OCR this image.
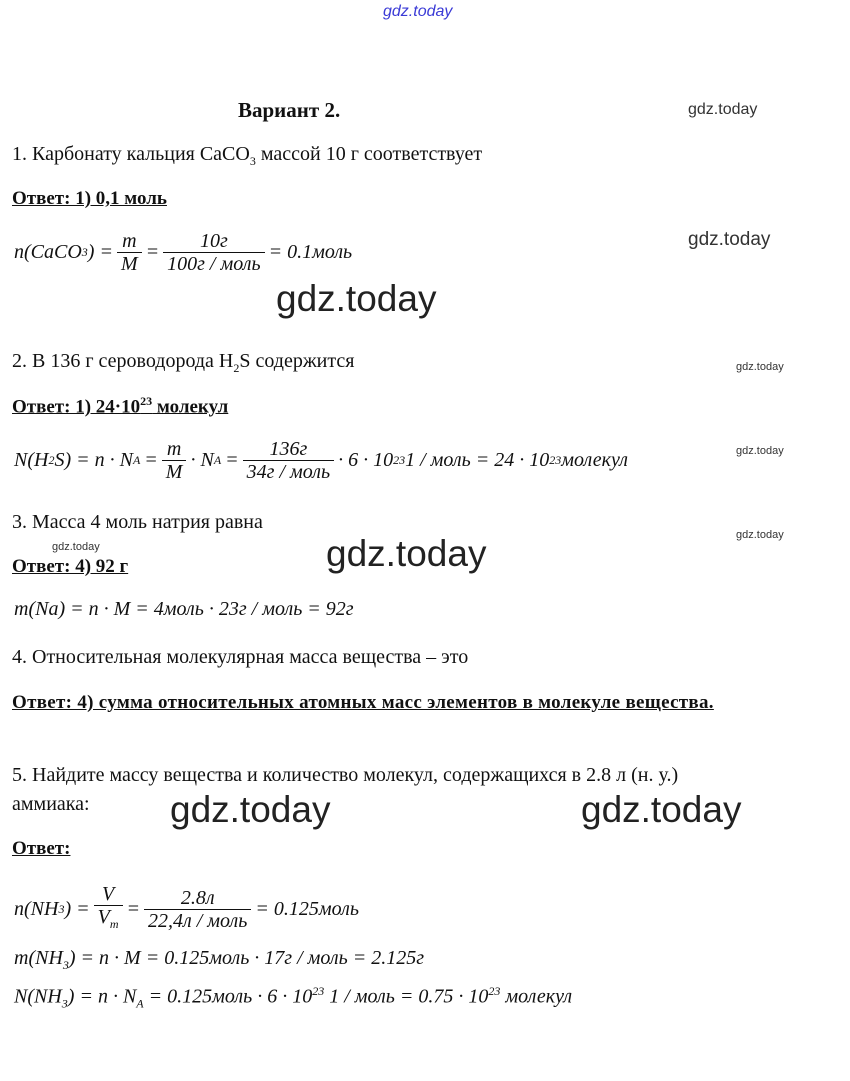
gdz.today
gdz.today
gdz.today
gdz.today
gdz.today
gdz.today
gdz.today
gdz.today	gdz.today
gdz.today	gdz.today
Вариант 2.
1. Карбонату кальция CaCO$_3$ массой 10 г соответствует
Ответ: 1) 0,1 моль
n(CaCO 3 ) = $\frac{m}{M} = \frac{10г}{\text{100г / моль}}$ = 0.1моль
2. В 136 г сероводорода $H_2S$ содержится
Ответ: 1) $24\cdot 10^{23}$ молекул
N(H 2 S) = n · N $A = \frac{m}{M} \cdot N$ $A = \frac{136г}{\text{34г / моль}} \cdot 6 \cdot 10$ 23 1 / моль = 24 · 10 23 молекул
3. Масса 4 моль натрия равна
Ответ: 4) 92 г
m(Na) = n · M = 4моль · 23г / моль = 92г
4. Относительная молекулярная масса вещества – это
Ответ: 4) сумма относительных атомных масс элементов в молекуле вещества.
5. Найдите массу вещества и количество молекул, содержащихся в 2.8 л (н. у.)
аммиака:
Ответ:
n(NH 3 ) = $\frac{V}{V_m} = \frac{2.8л}{\text{22,4л / моль}}$ = 0.125моль
$m(NH_3) = n \cdot M$ = 0.125моль · 17г / моль = 2.125г
$N(NH_3) = n \cdot N_A$ = 0.125моль · $6 \cdot 10^{23}$ 1 / моль = $0.75 \cdot 10^{23}$ молекул
